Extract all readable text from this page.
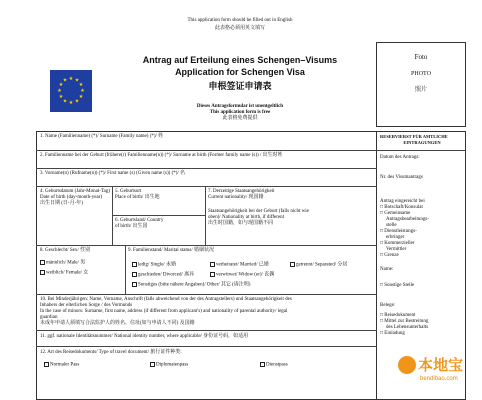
This application form should be filled out in English
此表格必须用英文填写
★ ★
★
★
★
★
★
★
★
★
★
★
Antrag auf Erteilung eines Schengen–Visums
Application for Schengen Visa
申根签证申请表
Dieses Antragsformular ist unentgeltlich
This application form is free
此表格免费提供
Foto
PHOTO
照片
1. Name (Familienname) (*)/ Surname (Family name) (*)/ 姓
2. Familienname bei der Geburt (frühere(r) Familienname(n)) (*)/ Surname at birth (Former family name (s)) / 出生时姓
3. Vorname(n) (Rufname(n)) (*)/ First name (s) (Given name (s)) (*)/ 名
4. Geburtsdatum (Jahr-Monat-Tag)
Date of birth (day-month-year)
出生日期 (日-月-年)
5. Geburtsort
Place of birth/ 出生地
6. Geburtsland/ Country
of birth/ 出生国
7. Derzeitige Staatsangehörigkeit
Current nationality/ 现国籍
Staatsangehörigkeit bei der Geburt (falls nicht wie
oben)/ Nationality at birth, if different
出生时国籍，如与现国籍不同
8. Geschlecht/ Sex/ 性别
männlich/ Male/ 男
weiblich/ Female/ 女
9. Familienstand/ Marital status/ 婚姻状况
ledig/ Single/ 未婚	verheiratet/ Married/ 已婚	getrennt/ Separated/ 分居
geschieden/ Divorced/ 离异	verwitwet/ Widow (er)/ 丧偶
Sonstiges (bitte nähere Angaben)/ Other/ 其它 (请注明)
10. Bei Minderjährigen: Name, Vorname, Anschrift (falls abweichend von der des Antragstellers) und Staatsangehörigkeit des
Inhabers der elterlichen Sorge / des Vormunds
In the case of minors: Surname, first name, address (if different from applicant's) and nationality of parental authority/ legal
guardian
未成年申请人须填写合法监护人的姓名、住址(如与申请人不同) 及国籍
11. ggf. nationale Identitätsnummer/ National identity number, where applicable/ 身份证号码，如适用
12. Art des Reisedokuments/ Type of travel document/ 旅行证件种类:
Normaler Pass	Diplomatenpass	Dienstpass
RESERVIERST FÜR AMTLICHE
EINTRAGUNGEN
Datum des Antrags:
Nr. des Visumantrags
Antrag eingereicht bei
□ Botschaft/Konsulat
□ Gemeinsame
Antragsbearbeitungs-
stelle
□ Dienstleistungs-
erbringer
□ Kommerzieller
Vermittler
□ Grenze
Name:
□ Sonstige Stelle
Belege:
□ Reisedokument
□ Mittel zur Bestreitung
des Lebensunterhalts
□ Einladung
本地宝
bendibao.com
